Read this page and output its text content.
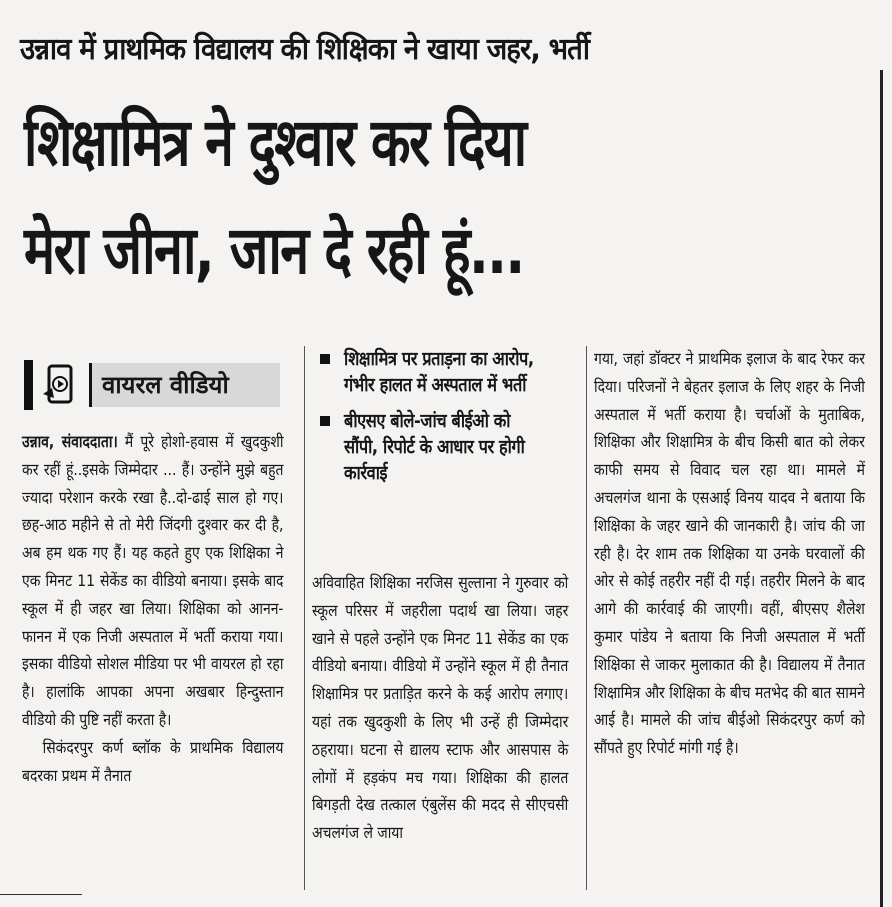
उन्नाव में प्राथमिक विद्यालय की शिक्षिका ने खाया जहर, भर्ती
शिक्षामित्र ने दुश्वार कर दिया
मेरा जीना, जान दे रही हूं...
वायरल वीडियो

उन्नाव, संवाददाता। मैं पूरे होशो-हवास में खुदकुशी कर रहीं हूं..इसके जिम्मेदार ... हैं। उन्होंने मुझे बहुत ज्यादा परेशान करके रखा है..दो-ढाई साल हो गए। छह-आठ महीने से तो मेरी जिंदगी दुश्वार कर दी है, अब हम थक गए हैं। यह कहते हुए एक शिक्षिका ने एक मिनट 11 सेकेंड का वीडियो बनाया। इसके बाद स्कूल में ही जहर खा लिया। शिक्षिका को आनन-फानन में एक निजी अस्पताल में भर्ती कराया गया। इसका वीडियो सोशल मीडिया पर भी वायरल हो रहा है। हालांकि आपका अपना अखबार हिन्दुस्तान वीडियो की पुष्टि नहीं करता है।

सिकंदरपुर कर्ण ब्लॉक के प्राथमिक विद्यालय बदरका प्रथम में तैनात

शिक्षामित्र पर प्रताड़ना का आरोप, गंभीर हालत में अस्पताल में भर्ती
बीएसए बोले-जांच बीईओ को सौंपी, रिपोर्ट के आधार पर होगी कार्रवाई

अविवाहित शिक्षिका नरजिस सुल्ताना ने गुरुवार को स्कूल परिसर में जहरीला पदार्थ खा लिया। जहर खाने से पहले उन्होंने एक मिनट 11 सेकेंड का एक वीडियो बनाया। वीडियो में उन्होंने स्कूल में ही तैनात शिक्षामित्र पर प्रताड़ित करने के कई आरोप लगाए। यहां तक खुदकुशी के लिए भी उन्हें ही जिम्मेदार ठहराया। घटना से द्यालय स्टाफ और आसपास के लोगों में हड़कंप मच गया। शिक्षिका की हालत बिगड़ती देख तत्काल एंबुलेंस की मदद से सीएचसी अचलगंज ले जाया

गया, जहां डॉक्टर ने प्राथमिक इलाज के बाद रेफर कर दिया। परिजनों ने बेहतर इलाज के लिए शहर के निजी अस्पताल में भर्ती कराया है। चर्चाओं के मुताबिक, शिक्षिका और शिक्षामित्र के बीच किसी बात को लेकर काफी समय से विवाद चल रहा था। मामले में अचलगंज थाना के एसआई विनय यादव ने बताया कि शिक्षिका के जहर खाने की जानकारी है। जांच की जा रही है। देर शाम तक शिक्षिका या उनके घरवालों की ओर से कोई तहरीर नहीं दी गई। तहरीर मिलने के बाद आगे की कार्रवाई की जाएगी। वहीं, बीएसए शैलेश कुमार पांडेय ने बताया कि निजी अस्पताल में भर्ती शिक्षिका से जाकर मुलाकात की है। विद्यालय में तैनात शिक्षामित्र और शिक्षिका के बीच मतभेद की बात सामने आई है। मामले की जांच बीईओ सिकंदरपुर कर्ण को सौंपते हुए रिपोर्ट मांगी गई है।
